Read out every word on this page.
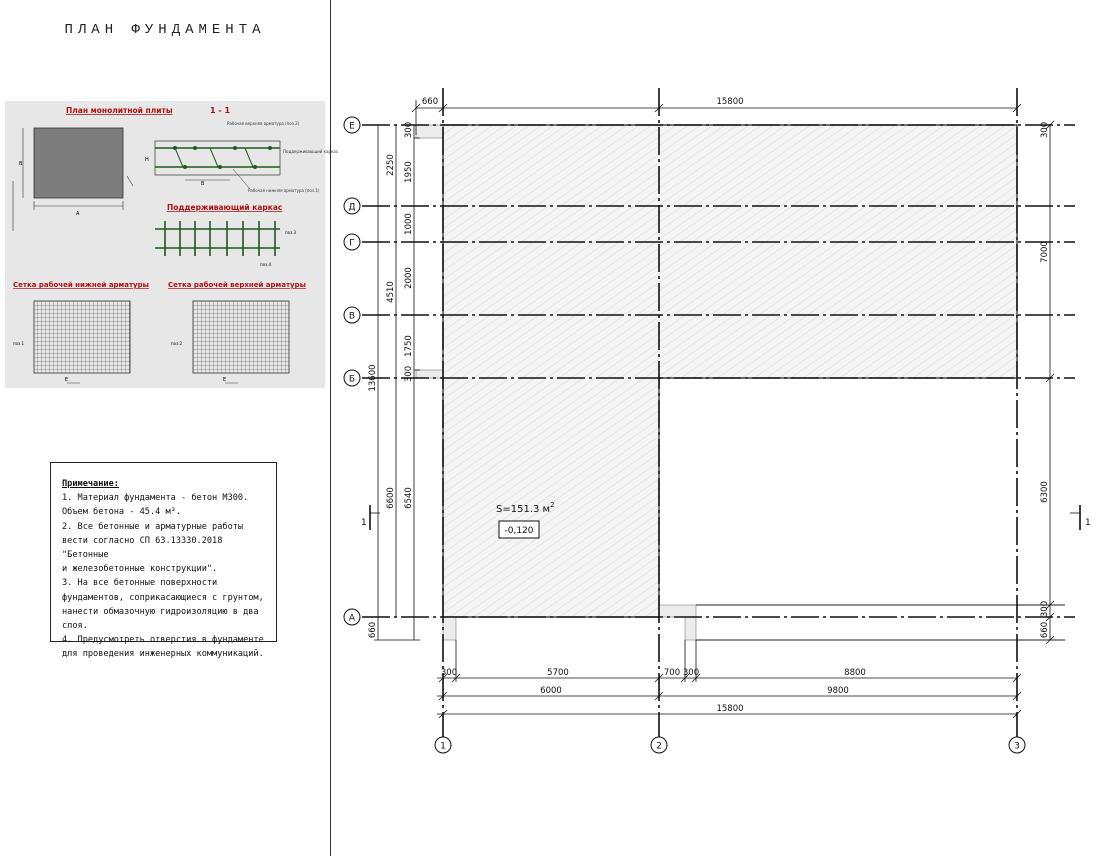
ПЛАН ФУНДАМЕНТА
План монолитной плиты
А
В
1 - 1
Н
В
Рабочая верхняя арматура (поз.2)
Поддерживающий каркас
Рабочая нижняя арматура (поз.1)
Поддерживающий каркас
поз.3
поз.4
Сетка рабочей нижней арматуры	Сетка рабочей верхней арматуры
поз.1	поз.2
Е	Е
Примечание:
1. Материал фундамента - бетон М300.
Объем бетона - 45.4 м³.
2. Все бетонные и арматурные работы
вести согласно СП 63.13330.2018 "Бетонные
и железобетонные конструкции".
3. На все бетонные поверхности
фундаментов, соприкасающиеся с грунтом,
нанести обмазочную гидроизоляцию в два
слоя.
4. Предусмотреть отверстия в фундаменте
для проведения инженерных коммуникаций.
Е
Д
Г
В
Б
А
1	2	3
660	15800
300	5700	700 300	8800
6000	9800
15800
660
13600
2250
4510
6600
300
1950
1000
2000
1750
300
6540
300
7000
6300
660
300
S=151.3 $м^2$
-0,120
1	1
